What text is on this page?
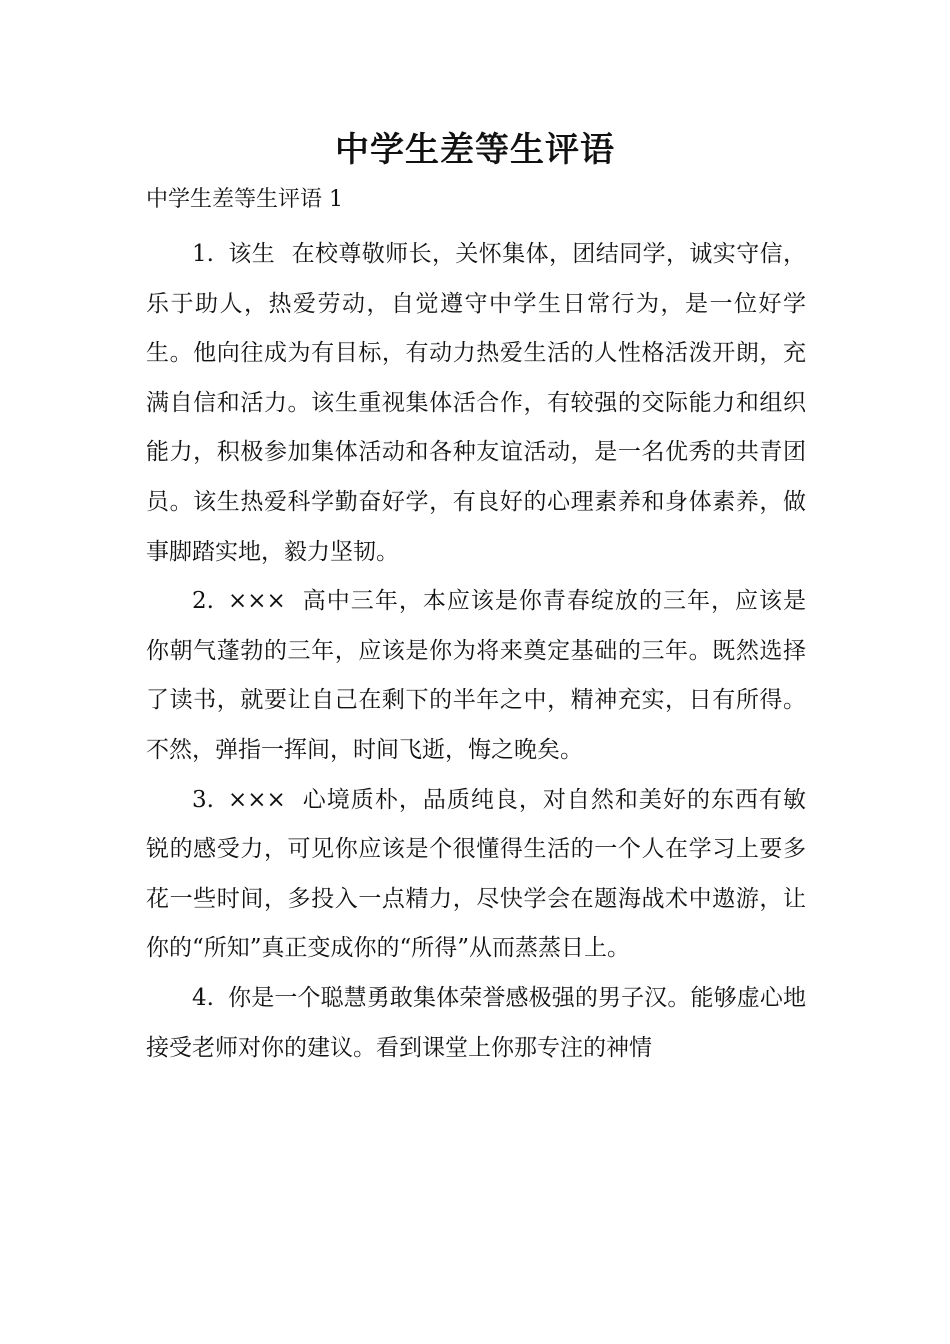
中学生差等生评语
中学生差等生评语 1

1. 该生 在校尊敬师长，关怀集体，团结同学，诚实守信，乐于助人，热爱劳动，自觉遵守中学生日常行为，是一位好学生。他向往成为有目标，有动力热爱生活的人性格活泼开朗，充满自信和活力。该生重视集体活合作，有较强的交际能力和组织能力，积极参加集体活动和各种友谊活动，是一名优秀的共青团员。该生热爱科学勤奋好学，有良好的心理素养和身体素养，做事脚踏实地，毅力坚韧。

2. ××× 高中三年，本应该是你青春绽放的三年，应该是你朝气蓬勃的三年，应该是你为将来奠定基础的三年。既然选择了读书，就要让自己在剩下的半年之中，精神充实，日有所得。不然，弹指一挥间，时间飞逝，悔之晚矣。

3. ××× 心境质朴，品质纯良，对自然和美好的东西有敏锐的感受力，可见你应该是个很懂得生活的一个人在学习上要多花一些时间，多投入一点精力，尽快学会在题海战术中遨游，让你的“所知”真正变成你的“所得”从而蒸蒸日上。

4. 你是一个聪慧勇敢集体荣誉感极强的男子汉。能够虚心地接受老师对你的建议。看到课堂上你那专注的神情
